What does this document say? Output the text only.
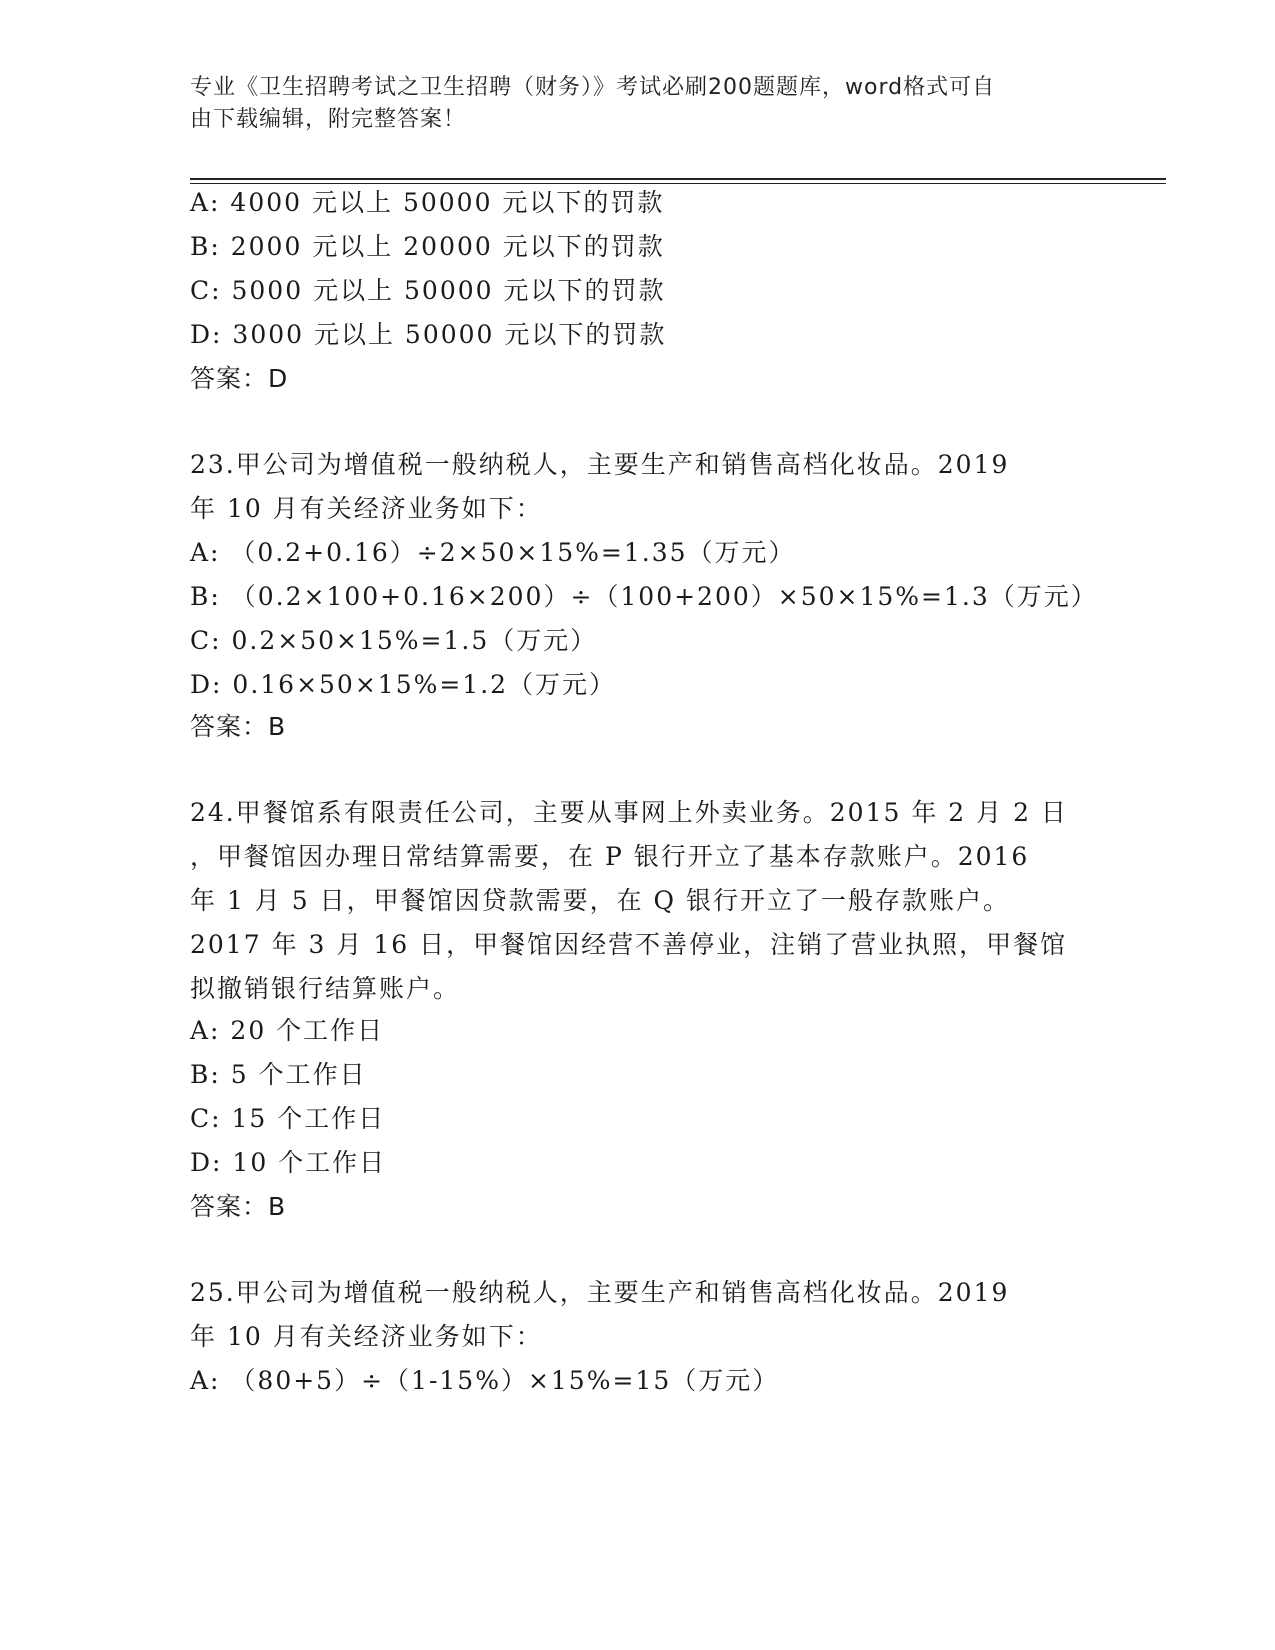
专业《卫生招聘考试之卫生招聘（财务）》考试必刷200题题库，word格式可自
由下载编辑，附完整答案！
A: 4000 元以上 50000 元以下的罚款
B: 2000 元以上 20000 元以下的罚款
C: 5000 元以上 50000 元以下的罚款
D: 3000 元以上 50000 元以下的罚款
答案：D
23.甲公司为增值税一般纳税人，主要生产和销售高档化妆品。2019
年 10 月有关经济业务如下：
A: （0.2+0.16）÷2×50×15%=1.35（万元）
B: （0.2×100+0.16×200）÷（100+200）×50×15%=1.3（万元）
C: 0.2×50×15%=1.5（万元）
D: 0.16×50×15%=1.2（万元）
答案：B
24.甲餐馆系有限责任公司，主要从事网上外卖业务。2015 年 2 月 2 日
，甲餐馆因办理日常结算需要，在 P 银行开立了基本存款账户。2016
年 1 月 5 日，甲餐馆因贷款需要，在 Q 银行开立了一般存款账户。
2017 年 3 月 16 日，甲餐馆因经营不善停业，注销了营业执照，甲餐馆
拟撤销银行结算账户。
A: 20 个工作日
B: 5 个工作日
C: 15 个工作日
D: 10 个工作日
答案：B
25.甲公司为增值税一般纳税人，主要生产和销售高档化妆品。2019
年 10 月有关经济业务如下：
A: （80+5）÷（1-15%）×15%=15（万元）
